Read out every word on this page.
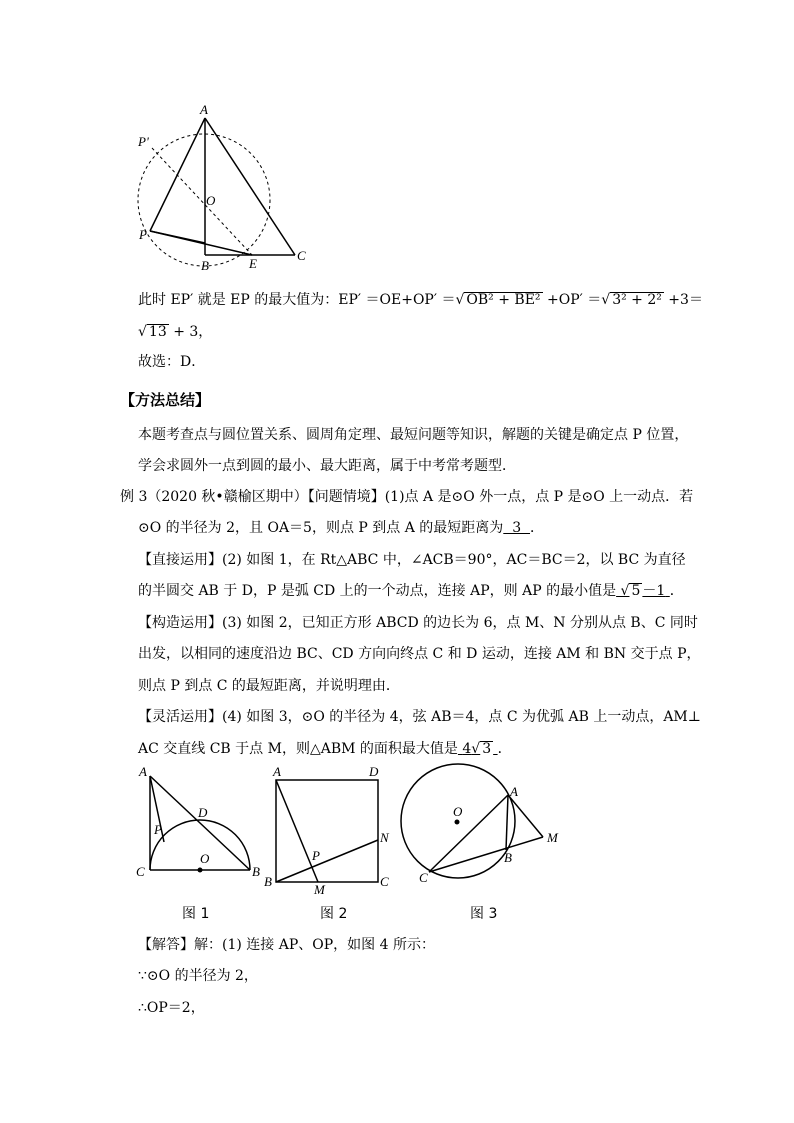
A
P'
O
P
B	E
C
此时 EP′ 就是 EP 的最大值为：EP′ ＝OE+OP′ ＝√ OB² + BE² +OP′ ＝√ 3² + 2² +3＝
√ 13 + 3，
故选：D．
【方法总结】
本题考查点与圆位置关系、圆周角定理、最短问题等知识，解题的关键是确定点 P 位置，
学会求圆外一点到圆的最小、最大距离，属于中考常考题型．
例 3（2020 秋•赣榆区期中）【问题情境】(1)点 A 是⊙O 外一点，点 P 是⊙O 上一动点．若
⊙O 的半径为 2，且 OA＝5，则点 P 到点 A 的最短距离为  3  ．
【直接运用】(2) 如图 1，在 Rt△ABC 中，∠ACB＝90°，AC＝BC＝2，以 BC 为直径
的半圆交 AB 于 D，P 是弧 CD 上的一个动点，连接 AP，则 AP 的最小值是 √ 5 －1 ．
【构造运用】(3) 如图 2，已知正方形 ABCD 的边长为 6，点 M、N 分别从点 B、C 同时
出发，以相同的速度沿边 BC、CD 方向向终点 C 和 D 运动，连接 AM 和 BN 交于点 P，
则点 P 到点 C 的最短距离，并说明理由．
【灵活运用】(4) 如图 3，⊙O 的半径为 4，弦 AB＝4，点 C 为优弧 AB 上一动点，AM⊥
AC 交直线 CB 于点 M，则△ABM 的面积最大值是 4√ 3 ．
A
D
P
O
C	B
图 1
A	D
N
P
B
M
C
图 2
O
A
M
B
C
图 3
【解答】解：(1) 连接 AP、OP，如图 4 所示：
∵⊙O 的半径为 2，
∴OP＝2，
